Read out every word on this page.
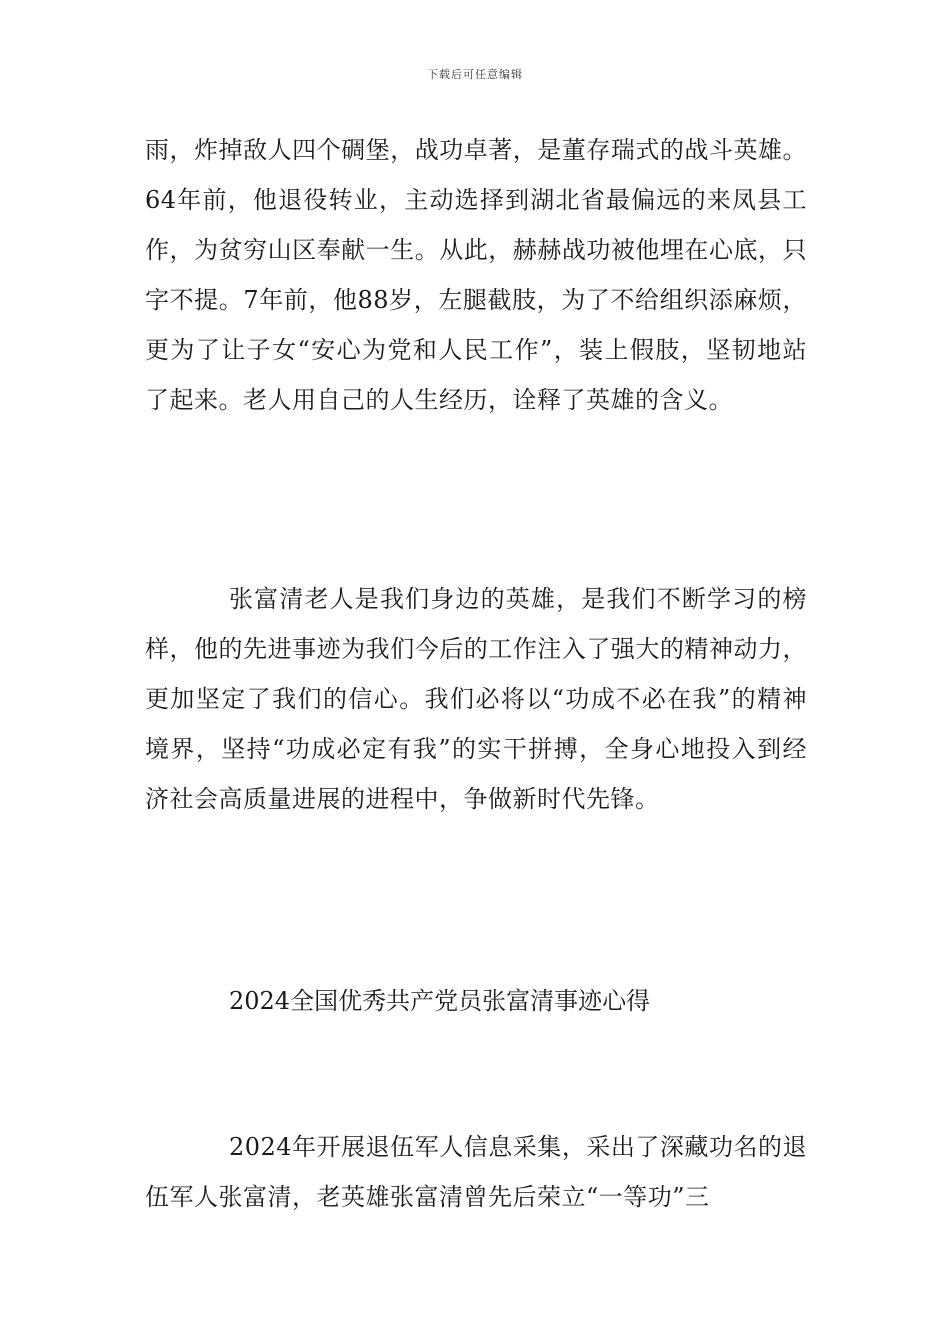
下载后可任意编辑

雨，炸掉敌人四个碉堡，战功卓著，是董存瑞式的战斗英雄。64年前，他退役转业，主动选择到湖北省最偏远的来凤县工作，为贫穷山区奉献一生。从此，赫赫战功被他埋在心底，只字不提。7年前，他88岁，左腿截肢，为了不给组织添麻烦，更为了让子女“安心为党和人民工作”，装上假肢，坚韧地站了起来。老人用自己的人生经历，诠释了英雄的含义。

张富清老人是我们身边的英雄，是我们不断学习的榜样，他的先进事迹为我们今后的工作注入了强大的精神动力，更加坚定了我们的信心。我们必将以“功成不必在我”的精神境界，坚持“功成必定有我”的实干拼搏，全身心地投入到经济社会高质量进展的进程中，争做新时代先锋。

2024全国优秀共产党员张富清事迹心得

2024年开展退伍军人信息采集，采出了深藏功名的退伍军人张富清，老英雄张富清曾先后荣立“一等功”三
